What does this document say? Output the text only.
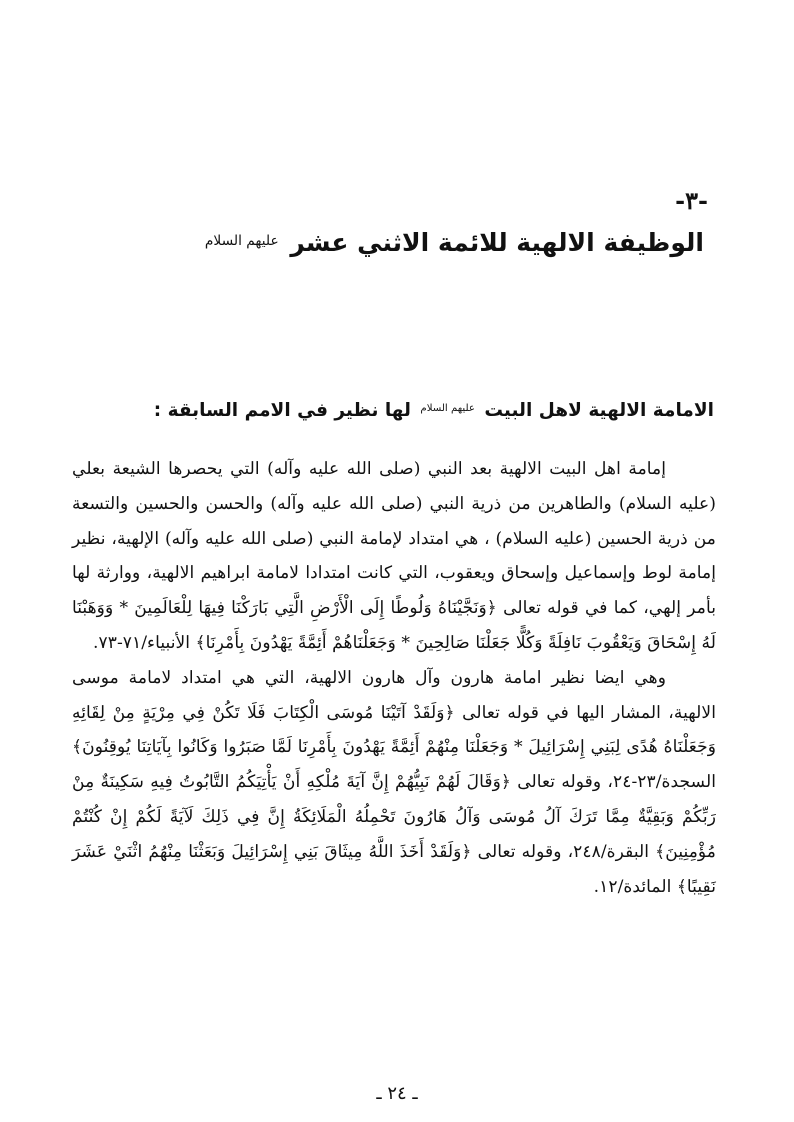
-٣-
الوظيفة الالهية للائمة الاثني عشر $^{عليهم السلام}$
الامامة الالهية لاهل البيت $^{عليهم السلام}$ لها نظير في الامم السابقة :

إمامة اهل البيت الالهية بعد النبي (صلى الله عليه وآله) التي يحصرها الشيعة بعلي (عليه السلام) والطاهرين من ذرية النبي (صلى الله عليه وآله) والحسن والحسين والتسعة من ذرية الحسين (عليه السلام) ، هي امتداد لإمامة النبي (صلى الله عليه وآله) الإلهية، نظير إمامة لوط وإسماعيل وإسحاق ويعقوب، التي كانت امتدادا لامامة ابراهيم الالهية، ووارثة لها بأمر إلهي، كما في قوله تعالى ﴿وَنَجَّيْنَاهُ وَلُوطًا إِلَى الْأَرْضِ الَّتِي بَارَكْنَا فِيهَا لِلْعَالَمِينَ * وَوَهَبْنَا لَهُ إِسْحَاقَ وَيَعْقُوبَ نَافِلَةً وَكُلًّا جَعَلْنَا صَالِحِينَ * وَجَعَلْنَاهُمْ أَئِمَّةً يَهْدُونَ بِأَمْرِنَا﴾ الأنبياء/٧١-٧٣.

وهي ايضا نظير امامة هارون وآل هارون الالهية، التي هي امتداد لامامة موسى الالهية، المشار اليها في قوله تعالى ﴿وَلَقَدْ آتَيْنَا مُوسَى الْكِتَابَ فَلَا تَكُنْ فِي مِرْيَةٍ مِنْ لِقَائِهِ وَجَعَلْنَاهُ هُدًى لِبَنِي إِسْرَائِيلَ * وَجَعَلْنَا مِنْهُمْ أَئِمَّةً يَهْدُونَ بِأَمْرِنَا لَمَّا صَبَرُوا وَكَانُوا بِآيَاتِنَا يُوقِنُونَ﴾ السجدة/٢٣-٢٤، وقوله تعالى ﴿وَقَالَ لَهُمْ نَبِيُّهُمْ إِنَّ آيَةَ مُلْكِهِ أَنْ يَأْتِيَكُمُ التَّابُوتُ فِيهِ سَكِينَةٌ مِنْ رَبِّكُمْ وَبَقِيَّةٌ مِمَّا تَرَكَ آلُ مُوسَى وَآلُ هَارُونَ تَحْمِلُهُ الْمَلَائِكَةُ إِنَّ فِي ذَلِكَ لَآيَةً لَكُمْ إِنْ كُنْتُمْ مُؤْمِنِينَ﴾ البقرة/٢٤٨، وقوله تعالى ﴿وَلَقَدْ أَخَذَ اللَّهُ مِيثَاقَ بَنِي إِسْرَائِيلَ وَبَعَثْنَا مِنْهُمُ اثْنَيْ عَشَرَ نَقِيبًا﴾ المائدة/١٢.

ـ ٢٤ ـ
